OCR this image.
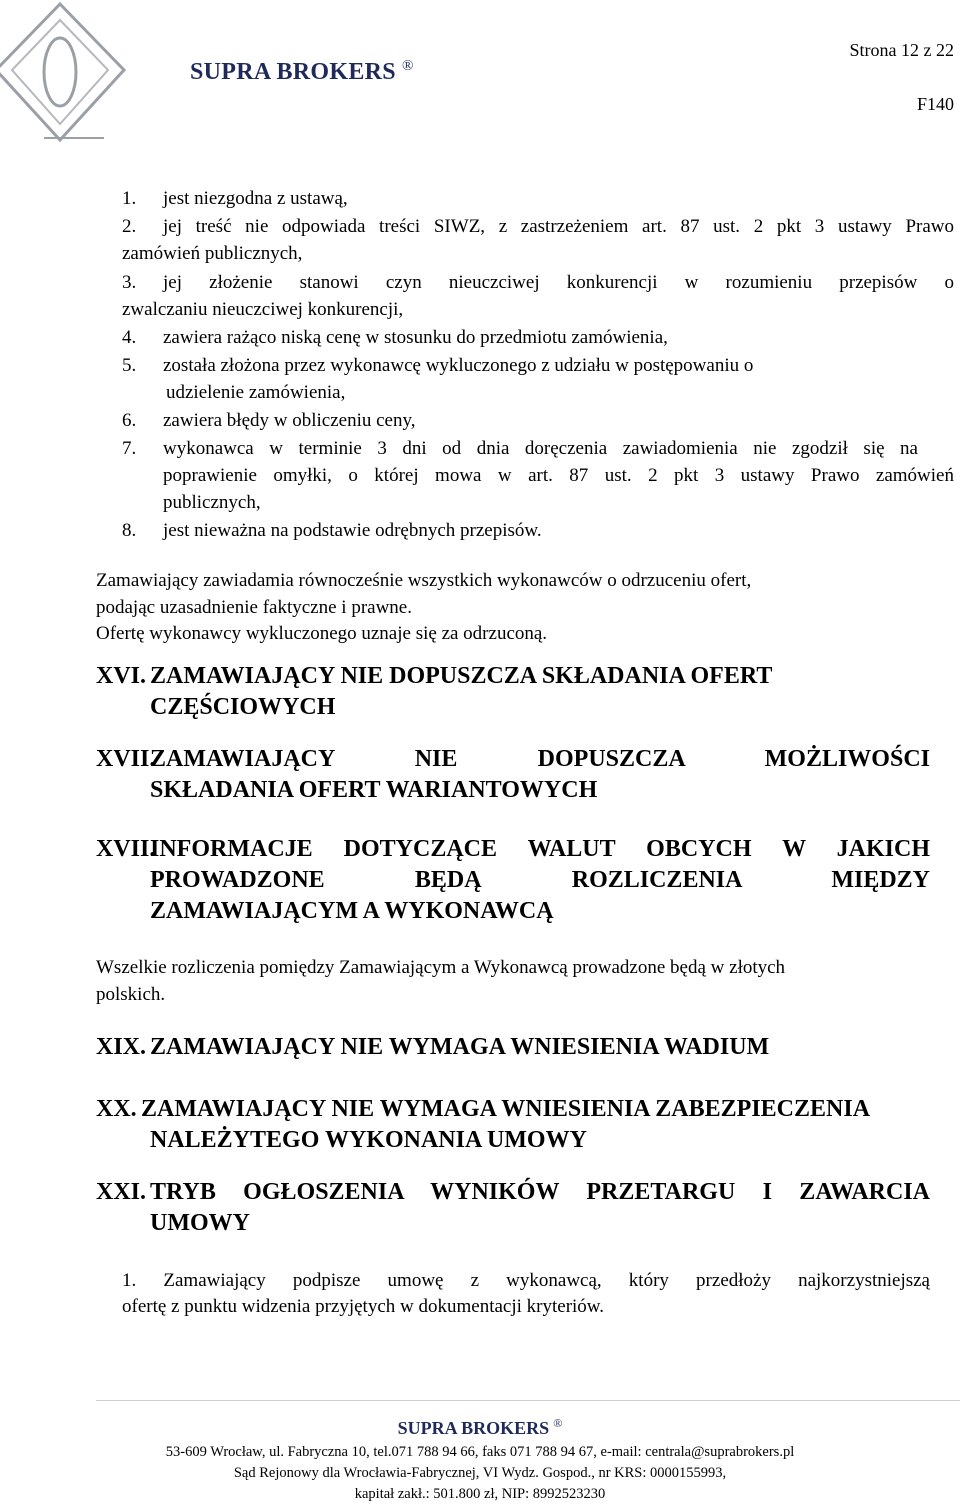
SUPRA BROKERS ®
Strona 12 z 22
F140
1. jest niezgodna z ustawą,

2. jej treść nie odpowiada treści SIWZ, z zastrzeżeniem art. 87 ust. 2 pkt 3 ustawy Prawo

zamówień publicznych,

3. jej złożenie stanowi czyn nieuczciwej konkurencji w rozumieniu przepisów o

zwalczaniu nieuczciwej konkurencji,

4. zawiera rażąco niską cenę w stosunku do przedmiotu zamówienia,

5. została złożona przez wykonawcę wykluczonego z udziału w postępowaniu o

udzielenie zamówienia,

6. zawiera błędy w obliczeniu ceny,

7. wykonawca w terminie 3 dni od dnia doręczenia zawiadomienia nie zgodził się na

poprawienie omyłki, o której mowa w art. 87 ust. 2 pkt 3 ustawy Prawo zamówień

publicznych,

8. jest nieważna na podstawie odrębnych przepisów.

Zamawiający zawiadamia równocześnie wszystkich wykonawców o odrzuceniu ofert,

podając uzasadnienie faktyczne i prawne.

Ofertę wykonawcy wykluczonego uznaje się za odrzuconą.

XVI. ZAMAWIAJĄCY NIE DOPUSZCZA SKŁADANIA OFERT
CZĘŚCIOWYCH
XVII.
ZAMAWIAJĄCY NIE DOPUSZCZA MOŻLIWOŚCI
SKŁADANIA OFERT WARIANTOWYCH
XVII.
INFORMACJE DOTYCZĄCE WALUT OBCYCH W JAKICH
PROWADZONE BĘDĄ ROZLICZENIA MIĘDZY
ZAMAWIAJĄCYM A WYKONAWCĄ

Wszelkie rozliczenia pomiędzy Zamawiającym a Wykonawcą prowadzone będą w złotych

polskich.

XIX. ZAMAWIAJĄCY NIE WYMAGA WNIESIENIA WADIUM
XX. ZAMAWIAJĄCY NIE WYMAGA WNIESIENIA ZABEZPIECZENIA
NALEŻYTEGO WYKONANIA UMOWY
XXI. TRYB OGŁOSZENIA WYNIKÓW PRZETARGU I ZAWARCIA
UMOWY

1. Zamawiający podpisze umowę z wykonawcą, który przedłoży najkorzystniejszą

ofertę z punktu widzenia przyjętych w dokumentacji kryteriów.

SUPRA BROKERS ®
53-609 Wrocław, ul. Fabryczna 10, tel.071 788 94 66, faks 071 788 94 67, e-mail: centrala@suprabrokers.pl
Sąd Rejonowy dla Wrocławia-Fabrycznej, VI Wydz. Gospod., nr KRS: 0000155993,
kapitał zakł.: 501.800 zł, NIP: 8992523230
